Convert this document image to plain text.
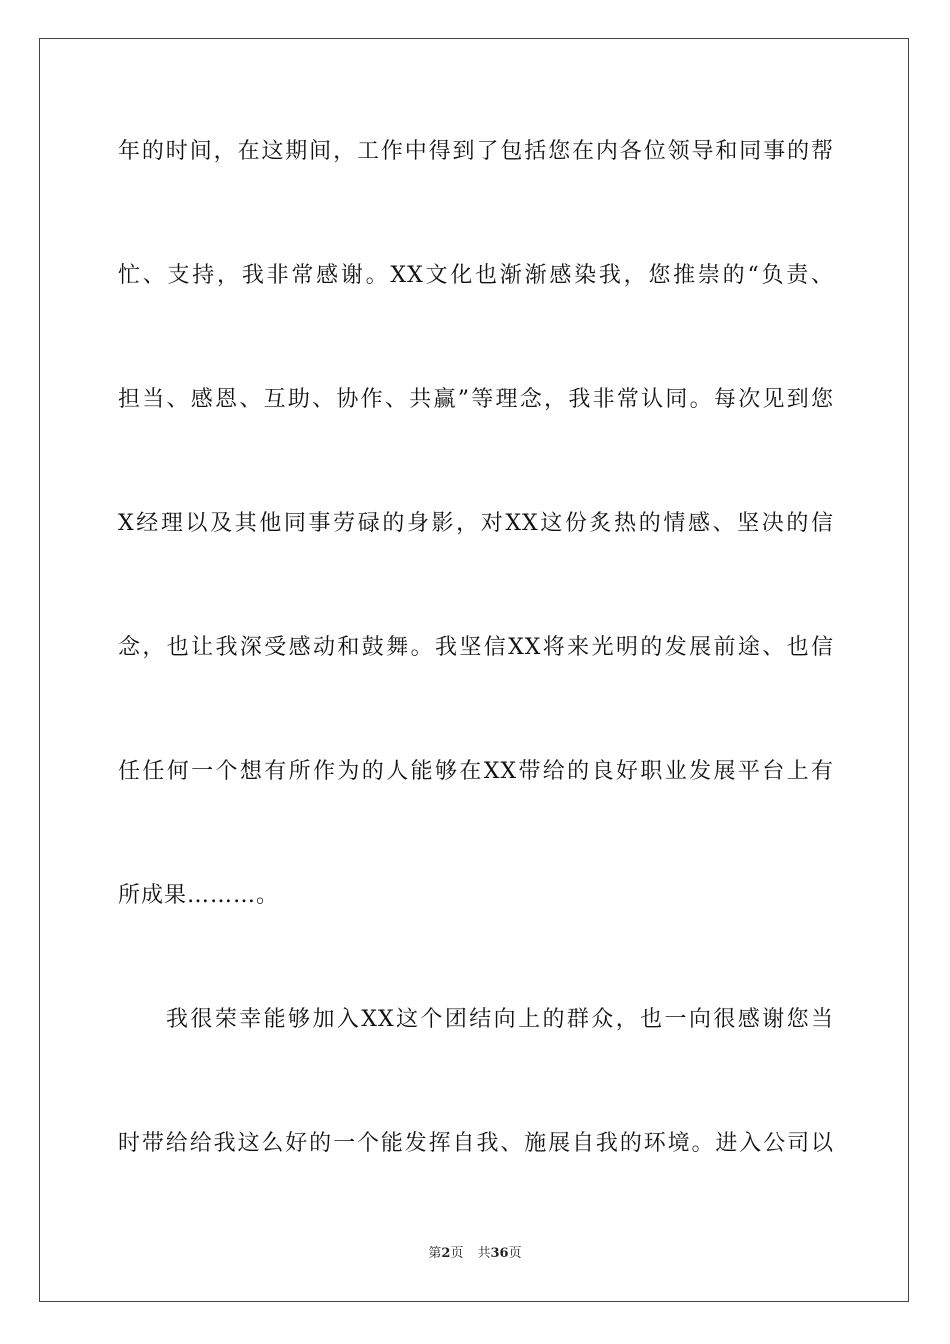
年的时间，在这期间，工作中得到了包括您在内各位领导和同事的帮
忙、支持，我非常感谢。XX文化也渐渐感染我，您推崇的“负责、
担当、感恩、互助、协作、共赢”等理念，我非常认同。每次见到您
X经理以及其他同事劳碌的身影，对XX这份炙热的情感、坚决的信
念，也让我深受感动和鼓舞。我坚信XX将来光明的发展前途、也信
任任何一个想有所作为的人能够在XX带给的良好职业发展平台上有
所成果………。
我很荣幸能够加入XX这个团结向上的群众，也一向很感谢您当
时带给给我这么好的一个能发挥自我、施展自我的环境。进入公司以
第2页 共36页
